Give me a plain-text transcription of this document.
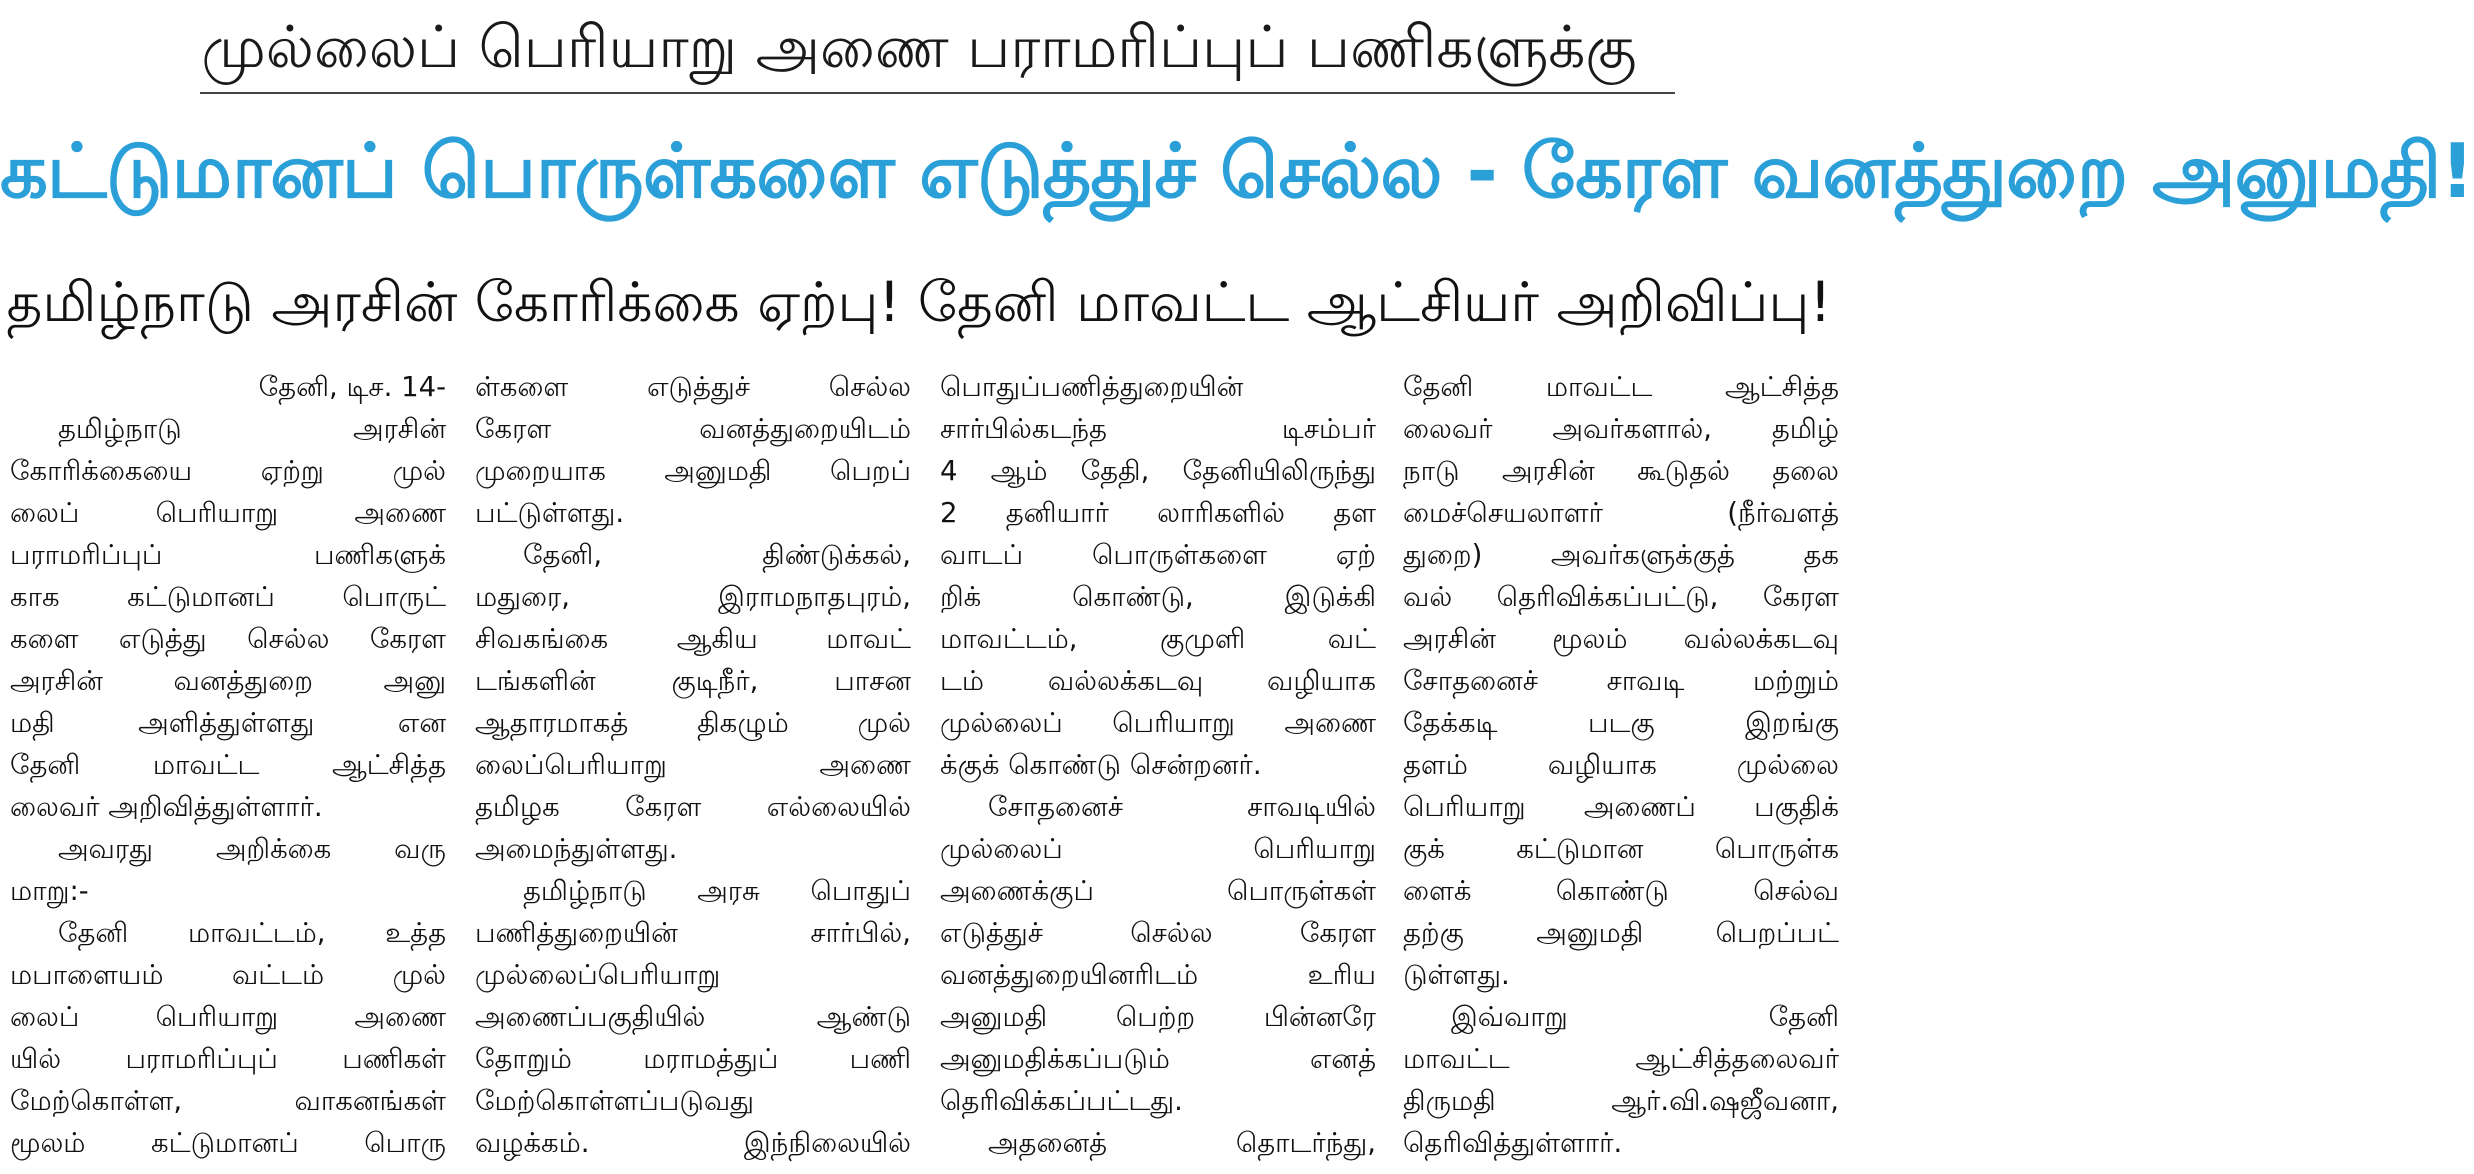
முல்லைப் பெரியாறு அணை பராமரிப்புப் பணிகளுக்கு
கட்டுமானப் பொருள்களை எடுத்துச் செல்ல - கேரள வனத்துறை அனுமதி!
தமிழ்நாடு அரசின் கோரிக்கை ஏற்பு! தேனி மாவட்ட ஆட்சியர் அறிவிப்பு!
தேனி, டிச. 14-
தமிழ்நாடு அரசின்
கோரிக்கையை ஏற்று முல்
லைப் பெரியாறு அணை
பராமரிப்புப் பணிகளுக்
காக கட்டுமானப் பொருட்
களை எடுத்து செல்ல கேரள
அரசின் வனத்துறை அனு
மதி அளித்துள்ளது என
தேனி மாவட்ட ஆட்சித்த
லைவர் அறிவித்துள்ளார்.
அவரது அறிக்கை வரு
மாறு:-
தேனி மாவட்டம், உத்த
மபாளையம் வட்டம் முல்
லைப் பெரியாறு அணை
யில் பராமரிப்புப் பணிகள்
மேற்கொள்ள, வாகனங்கள்
மூலம் கட்டுமானப் பொரு
ள்களை எடுத்துச் செல்ல
கேரள வனத்துறையிடம்
முறையாக அனுமதி பெறப்
பட்டுள்ளது.
தேனி, திண்டுக்கல்,
மதுரை, இராமநாதபுரம்,
சிவகங்கை ஆகிய மாவட்
டங்களின் குடிநீர், பாசன
ஆதாரமாகத் திகழும் முல்
லைப்பெரியாறு அணை
தமிழக கேரள எல்லையில்
அமைந்துள்ளது.
தமிழ்நாடு அரசு பொதுப்
பணித்துறையின் சார்பில்,
முல்லைப்பெரியாறு
அணைப்பகுதியில் ஆண்டு
தோறும் மராமத்துப் பணி
மேற்கொள்ளப்படுவது
வழக்கம். இந்நிலையில்
பொதுப்பணித்துறையின்
சார்பில்கடந்த டிசம்பர்
4 ஆம் தேதி, தேனியிலிருந்து
2 தனியார் லாரிகளில் தள
வாடப் பொருள்களை ஏற்
றிக் கொண்டு, இடுக்கி
மாவட்டம், குமுளி வட்
டம் வல்லக்கடவு வழியாக
முல்லைப் பெரியாறு அணை
க்குக் கொண்டு சென்றனர்.
சோதனைச் சாவடியில்
முல்லைப் பெரியாறு
அணைக்குப் பொருள்கள்
எடுத்துச் செல்ல கேரள
வனத்துறையினரிடம் உரிய
அனுமதி பெற்ற பின்னரே
அனுமதிக்கப்படும் எனத்
தெரிவிக்கப்பட்டது.
அதனைத் தொடர்ந்து,
தேனி மாவட்ட ஆட்சித்த
லைவர் அவர்களால், தமிழ்
நாடு அரசின் கூடுதல் தலை
மைச்செயலாளர் (நீர்வளத்
துறை) அவர்களுக்குத் தக
வல் தெரிவிக்கப்பட்டு, கேரள
அரசின் மூலம் வல்லக்கடவு
சோதனைச் சாவடி மற்றும்
தேக்கடி படகு இறங்கு
தளம் வழியாக முல்லை
பெரியாறு அணைப் பகுதிக்
குக் கட்டுமான பொருள்க
ளைக் கொண்டு செல்வ
தற்கு அனுமதி பெறப்பட்
டுள்ளது.
இவ்வாறு தேனி
மாவட்ட ஆட்சித்தலைவர்
திருமதி ஆர்.வி.ஷஜீவனா,
தெரிவித்துள்ளார்.
